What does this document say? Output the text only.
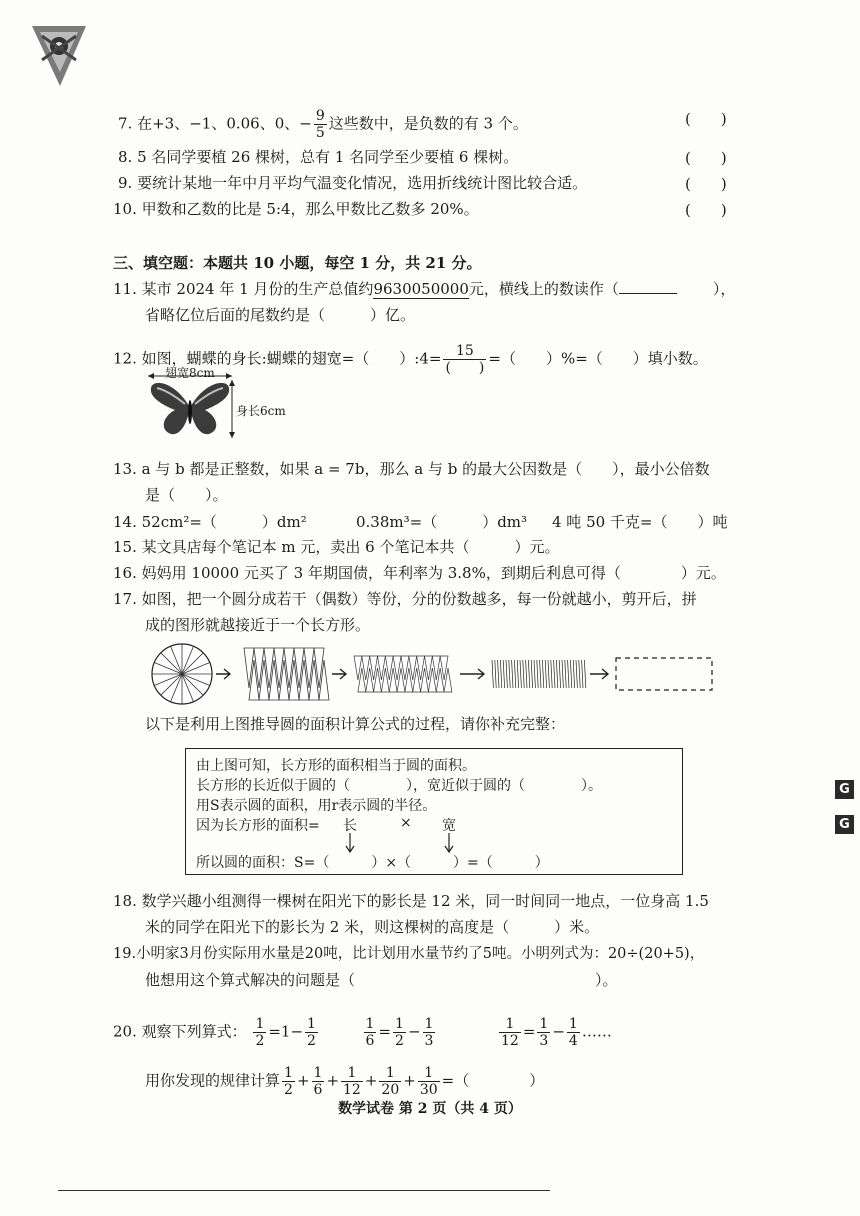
7. 在+3、−1、0.06、0、− $\frac{9}{5}$ 这些数中，是负数的有 3 个。	(　　)
8. 5 名同学要植 26 棵树，总有 1 名同学至少要植 6 棵树。	(　　)
9. 要统计某地一年中月平均气温变化情况，选用折线统计图比较合适。	(　　)
10. 甲数和乙数的比是 5:4，那么甲数比乙数多 20%。	(　　)
三、填空题：本题共 10 小题，每空 1 分，共 21 分。
11. 某市 2024 年 1 月份的生产总值约9630050000元，横线上的数读作（	），
省略亿位后面的尾数约是（　　　）亿。
12. 如图，蝴蝶的身长:蝴蝶的翅宽=（　　）:4= $\frac{15}{( )}$ =（　　）%=（　　）填小数。
翅宽8cm
身长6cm
13. a 与 b 都是正整数，如果 a = 7b，那么 a 与 b 的最大公因数是（　　），最小公倍数
是（　　）。
14. 52cm²=（　　　）dm²	0.38m³=（　　　）dm³ 4 吨 50 千克=（　　）吨
15. 某文具店每个笔记本 m 元，卖出 6 个笔记本共（　　　）元。
16. 妈妈用 10000 元买了 3 年期国债，年利率为 3.8%，到期后利息可得（　　　　）元。
17. 如图，把一个圆分成若干（偶数）等份，分的份数越多，每一份就越小，剪开后，拼
成的图形就越接近于一个长方形。
以下是利用上图推导圆的面积计算公式的过程，请你补充完整：
由上图可知，长方形的面积相当于圆的面积。
长方形的长近似于圆的（　　　　），宽近似于圆的（　　　　）。
用S表示圆的面积，用r表示圆的半径。
因为长方形的面积= 长	× 宽
所以圆的面积：S=（　　　）×（　　　）=（　　　）
18. 数学兴趣小组测得一棵树在阳光下的影长是 12 米，同一时间同一地点，一位身高 1.5
米的同学在阳光下的影长为 2 米，则这棵树的高度是（　　　）米。
19.小明家3月份实际用水量是20吨，比计划用水量节约了5吨。小明列式为：20÷(20+5)，
他想用这个算式解决的问题是（　　　　　　　　　　　　　　　　）。
20. 观察下列算式： $\frac{1}{2} =1- \frac{1}{2}$
	$\frac{1}{6} = \frac{1}{2} - \frac{1}{3}$
	$\frac{1}{12} = \frac{1}{3} - \frac{1}{4}$ ……
用你发现的规律计算 $\frac{1}{2} + \frac{1}{6} + \frac{1}{12} + \frac{1}{20} + \frac{1}{30}$ =（　　　　）
G
G
数学试卷 第 2 页（共 4 页）
